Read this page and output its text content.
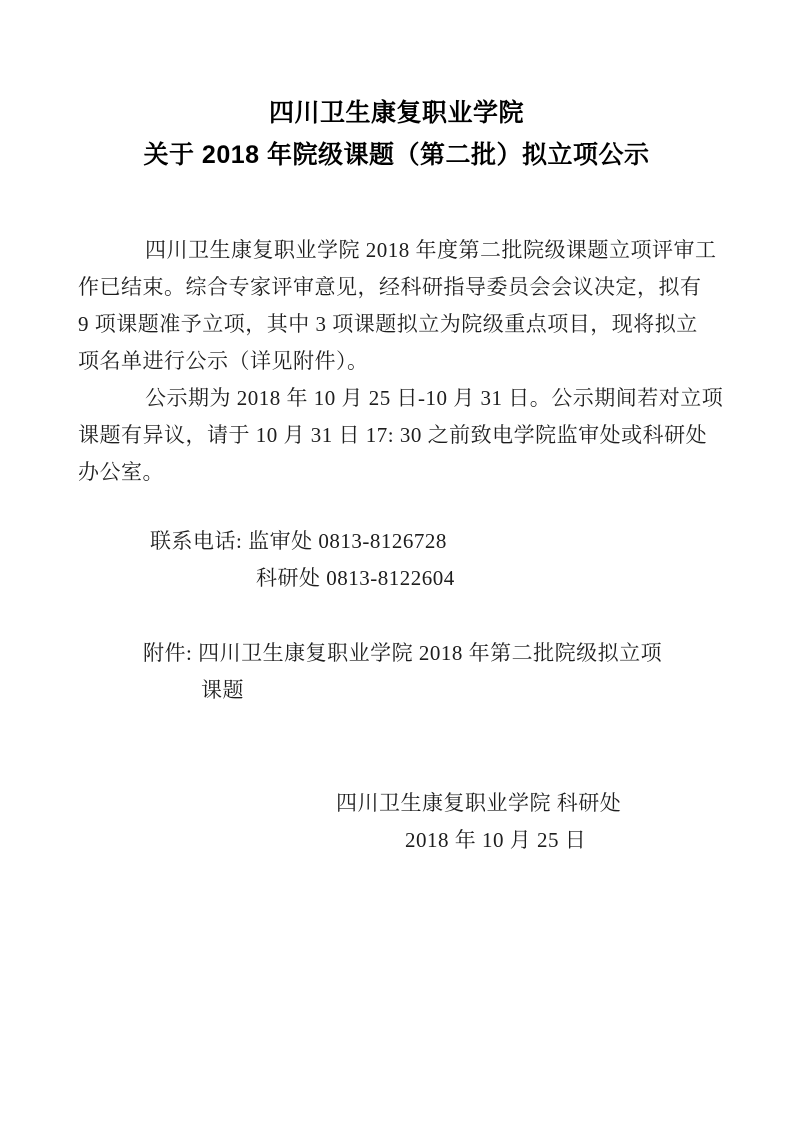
四川卫生康复职业学院
关于 2018 年院级课题（第二批）拟立项公示
四川卫生康复职业学院 2018 年度第二批院级课题立项评审工
作已结束。综合专家评审意见，经科研指导委员会会议决定，拟有
9 项课题准予立项，其中 3 项课题拟立为院级重点项目，现将拟立
项名单进行公示（详见附件）。
公示期为 2018 年 10 月 25 日-10 月 31 日。公示期间若对立项
课题有异议，请于 10 月 31 日 17: 30 之前致电学院监审处或科研处
办公室。
联系电话: 监审处 0813-8126728
科研处 0813-8122604
附件: 四川卫生康复职业学院 2018 年第二批院级拟立项
课题
四川卫生康复职业学院 科研处
2018 年 10 月 25 日
